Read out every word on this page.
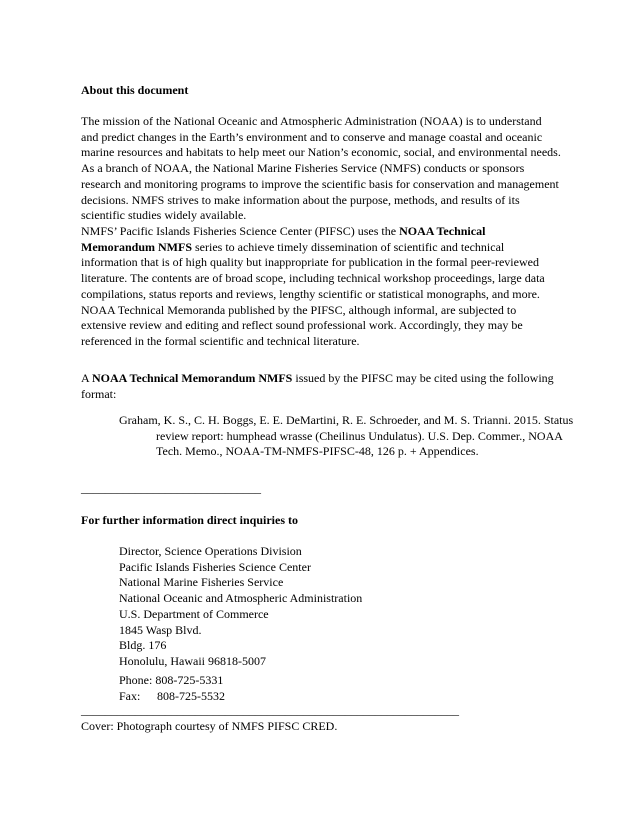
About this document

The mission of the National Oceanic and Atmospheric Administration (NOAA) is to understand and predict changes in the Earth’s environment and to conserve and manage coastal and oceanic marine resources and habitats to help meet our Nation’s economic, social, and environmental needs. As a branch of NOAA, the National Marine Fisheries Service (NMFS) conducts or sponsors research and monitoring programs to improve the scientific basis for conservation and management decisions. NMFS strives to make information about the purpose, methods, and results of its scientific studies widely available.

NMFS’ Pacific Islands Fisheries Science Center (PIFSC) uses the NOAA Technical Memorandum NMFS series to achieve timely dissemination of scientific and technical information that is of high quality but inappropriate for publication in the formal peer-reviewed literature. The contents are of broad scope, including technical workshop proceedings, large data compilations, status reports and reviews, lengthy scientific or statistical monographs, and more. NOAA Technical Memoranda published by the PIFSC, although informal, are subjected to extensive review and editing and reflect sound professional work. Accordingly, they may be referenced in the formal scientific and technical literature.

A NOAA Technical Memorandum NMFS issued by the PIFSC may be cited using the following format:

Graham, K. S., C. H. Boggs, E. E. DeMartini, R. E. Schroeder, and M. S. Trianni. 2015. Status review report: humphead wrasse (Cheilinus Undulatus). U.S. Dep. Commer., NOAA Tech. Memo., NOAA-TM-NMFS-PIFSC-48, 126 p. + Appendices.

______________________________

For further information direct inquiries to

Director, Science Operations Division
Pacific Islands Fisheries Science Center
National Marine Fisheries Service
National Oceanic and Atmospheric Administration
U.S. Department of Commerce
1845 Wasp Blvd.
Bldg. 176
Honolulu, Hawaii 96818-5007

Phone: 808-725-5331

Fax: 808-725-5532

_______________________________________________________________

Cover: Photograph courtesy of NMFS PIFSC CRED.
